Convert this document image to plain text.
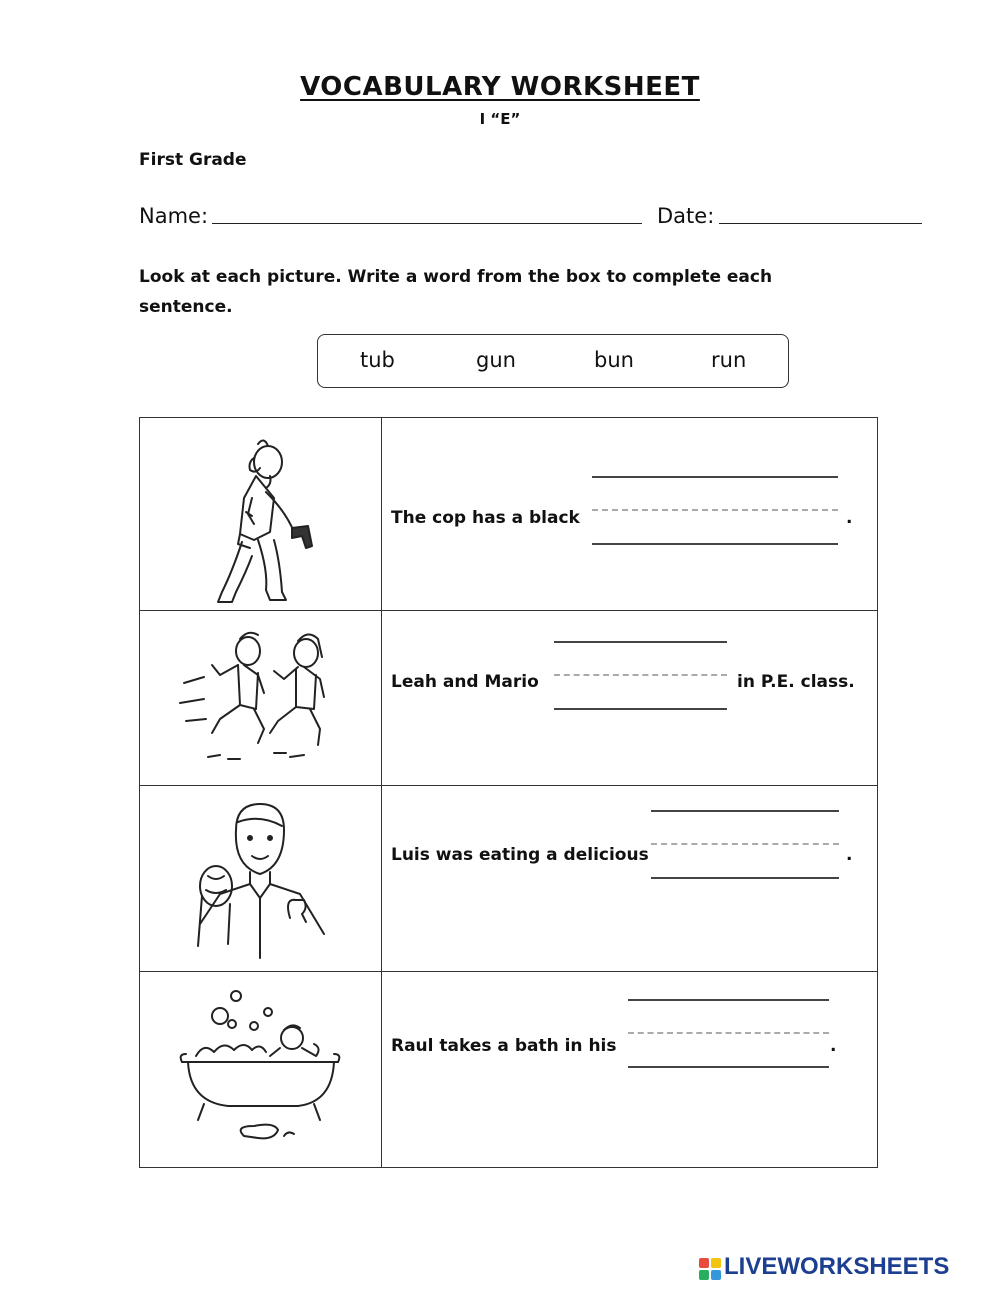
VOCABULARY WORKSHEET
I “E”
First Grade
Name:	Date:
Look at each picture. Write a word from the box to complete each sentence.
tub	gun	bun	run
The cop has a black	.
Leah and Mario	in P.E. class.
Luis was eating a delicious	.
Raul takes a bath in his	.
LIVEWORKSHEETS
